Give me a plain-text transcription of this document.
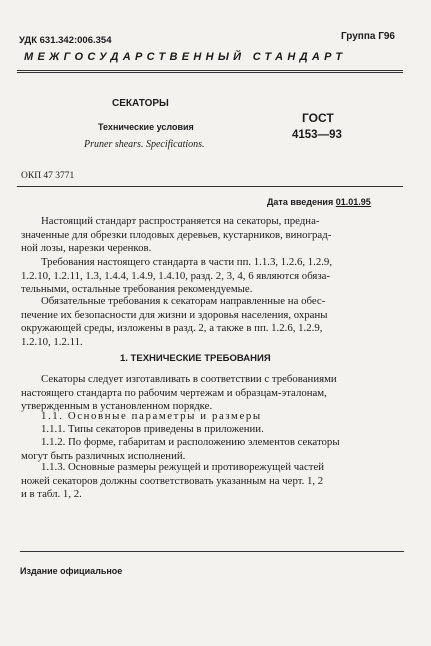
УДК 631.342:006.354	Группа Г96
МЕЖГОСУДАРСТВЕННЫЙ СТАНДАРТ
СЕКАТОРЫ
Технические условия
Pruner shears. Specifications.
ГОСТ
4153—93
ОКП 47 3771
Дата введения 01.01.95
Настоящий стандарт распространяется на секаторы, предна-
значенные для обрезки плодовых деревьев, кустарников, виноград-
ной лозы, нарезки черенков.
Требования настоящего стандарта в части пп. 1.1.3, 1.2.6, 1.2.9,
1.2.10, 1.2.11, 1.3, 1.4.4, 1.4.9, 1.4.10, разд. 2, 3, 4, 6 являются обяза-
тельными, остальные требования рекомендуемые.
Обязательные требования к секаторам направленные на обес-
печение их безопасности для жизни и здоровья населения, охраны
окружающей среды, изложены в разд. 2, а также в пп. 1.2.6, 1.2.9,
1.2.10, 1.2.11.
1. ТЕХНИЧЕСКИЕ ТРЕБОВАНИЯ
Секаторы следует изготавливать в соответствии с требованиями
настоящего стандарта по рабочим чертежам и образцам-эталонам,
утвержденным в установленном порядке.
1.1. Основные параметры и размеры
1.1.1. Типы секаторов приведены в приложении.
1.1.2. По форме, габаритам и расположению элементов секаторы
могут быть различных исполнений.
1.1.3. Основные размеры режущей и противорежущей частей
ножей секаторов должны соответствовать указанным на черт. 1, 2
и в табл. 1, 2.
Издание официальное
